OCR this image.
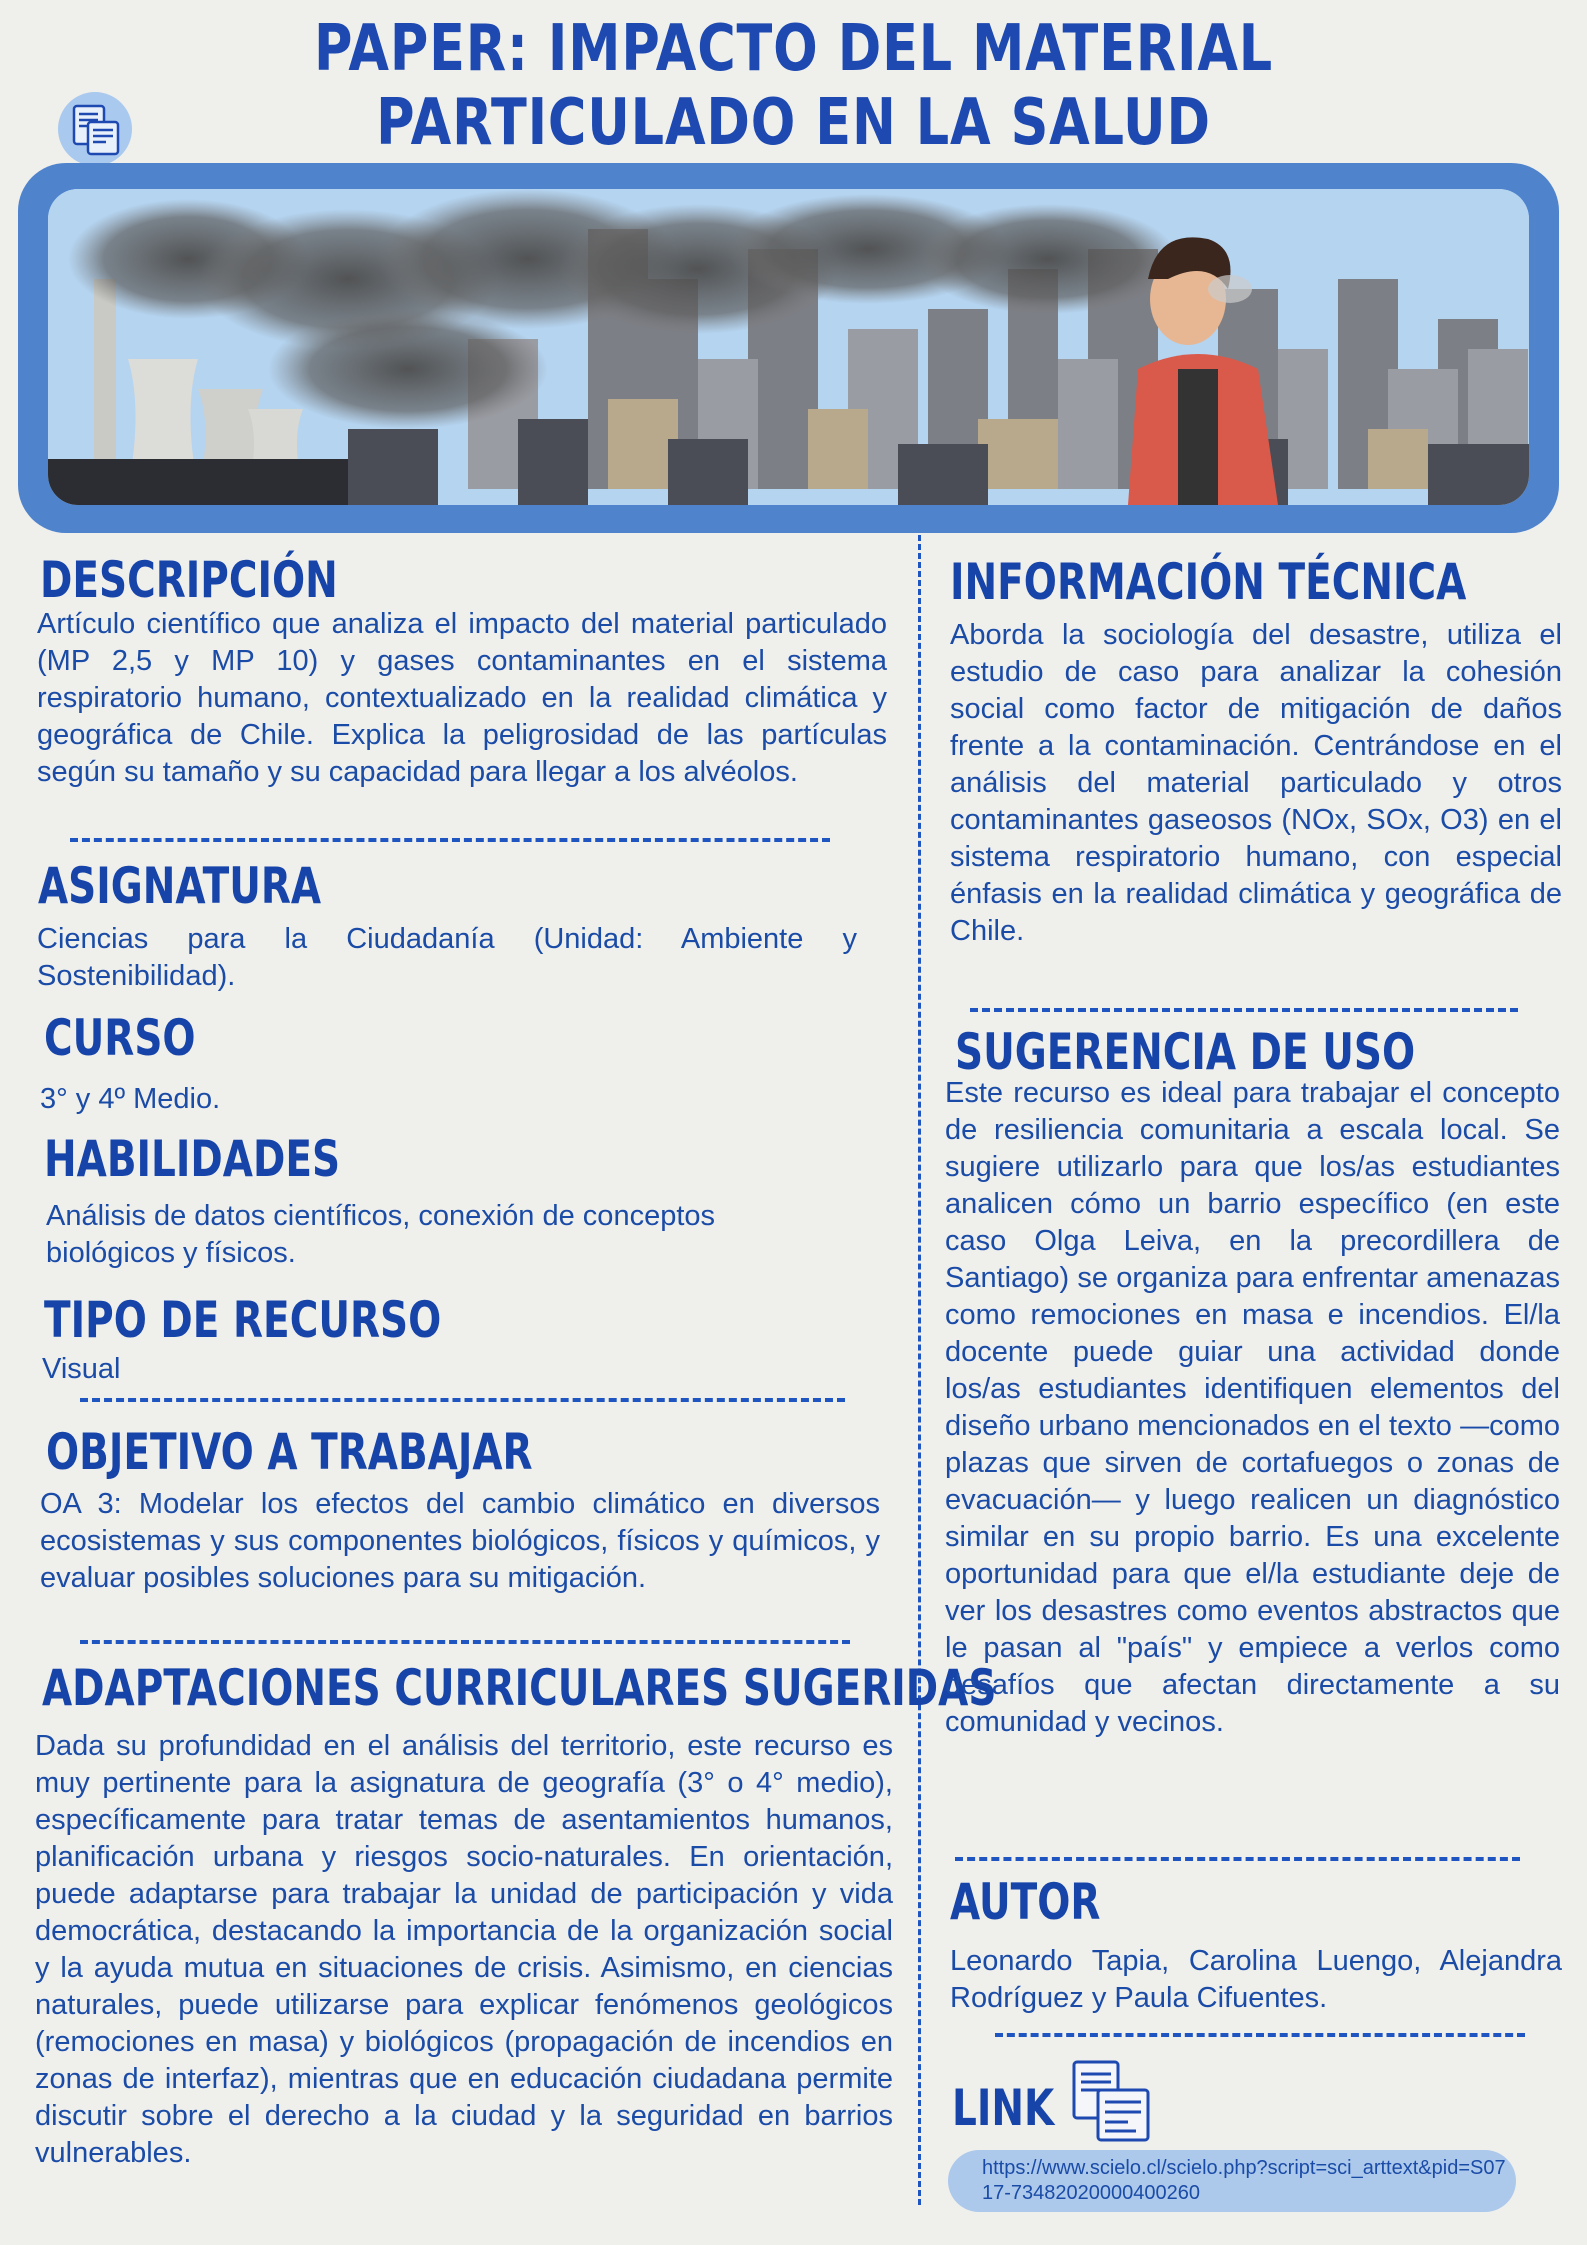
PAPER: IMPACTO DEL MATERIAL PARTICULADO EN LA SALUD
DESCRIPCIÓN
Artículo científico que analiza el impacto del material particulado (MP 2,5 y MP 10) y gases contaminantes en el sistema respiratorio humano, contextualizado en la realidad climática y geográfica de Chile. Explica la peligrosidad de las partículas según su tamaño y su capacidad para llegar a los alvéolos.
ASIGNATURA
Ciencias para la Ciudadanía (Unidad: Ambiente y Sostenibilidad).
CURSO
3° y 4º Medio.
HABILIDADES
Análisis de datos científicos, conexión de conceptos biológicos y físicos.
TIPO DE RECURSO
Visual
OBJETIVO A TRABAJAR
OA 3: Modelar los efectos del cambio climático en diversos ecosistemas y sus componentes biológicos, físicos y químicos, y evaluar posibles soluciones para su mitigación.
ADAPTACIONES CURRICULARES SUGERIDAS
Dada su profundidad en el análisis del territorio, este recurso es muy pertinente para la asignatura de geografía (3° o 4° medio), específicamente para tratar temas de asentamientos humanos, planificación urbana y riesgos socio-naturales. En orientación, puede adaptarse para trabajar la unidad de participación y vida democrática, destacando la importancia de la organización social y la ayuda mutua en situaciones de crisis. Asimismo, en ciencias naturales, puede utilizarse para explicar fenómenos geológicos (remociones en masa) y biológicos (propagación de incendios en zonas de interfaz), mientras que en educación ciudadana permite discutir sobre el derecho a la ciudad y la seguridad en barrios vulnerables.
INFORMACIÓN TÉCNICA
Aborda la sociología del desastre, utiliza el estudio de caso para analizar la cohesión social como factor de mitigación de daños frente a la contaminación. Centrándose en el análisis del material particulado y otros contaminantes gaseosos (NOx, SOx, O3) en el sistema respiratorio humano, con especial énfasis en la realidad climática y geográfica de Chile.
SUGERENCIA DE USO
Este recurso es ideal para trabajar el concepto de resiliencia comunitaria a escala local. Se sugiere utilizarlo para que los/as estudiantes analicen cómo un barrio específico (en este caso Olga Leiva, en la precordillera de Santiago) se organiza para enfrentar amenazas como remociones en masa e incendios. El/la docente puede guiar una actividad donde los/as estudiantes identifiquen elementos del diseño urbano mencionados en el texto —como plazas que sirven de cortafuegos o zonas de evacuación— y luego realicen un diagnóstico similar en su propio barrio. Es una excelente oportunidad para que el/la estudiante deje de ver los desastres como eventos abstractos que le pasan al "país" y empiece a verlos como desafíos que afectan directamente a su comunidad y vecinos.
AUTOR
Leonardo Tapia, Carolina Luengo, Alejandra Rodríguez y Paula Cifuentes.
LINK
https://www.scielo.cl/scielo.php?script=sci_arttext&pid=S0717-73482020000400260
